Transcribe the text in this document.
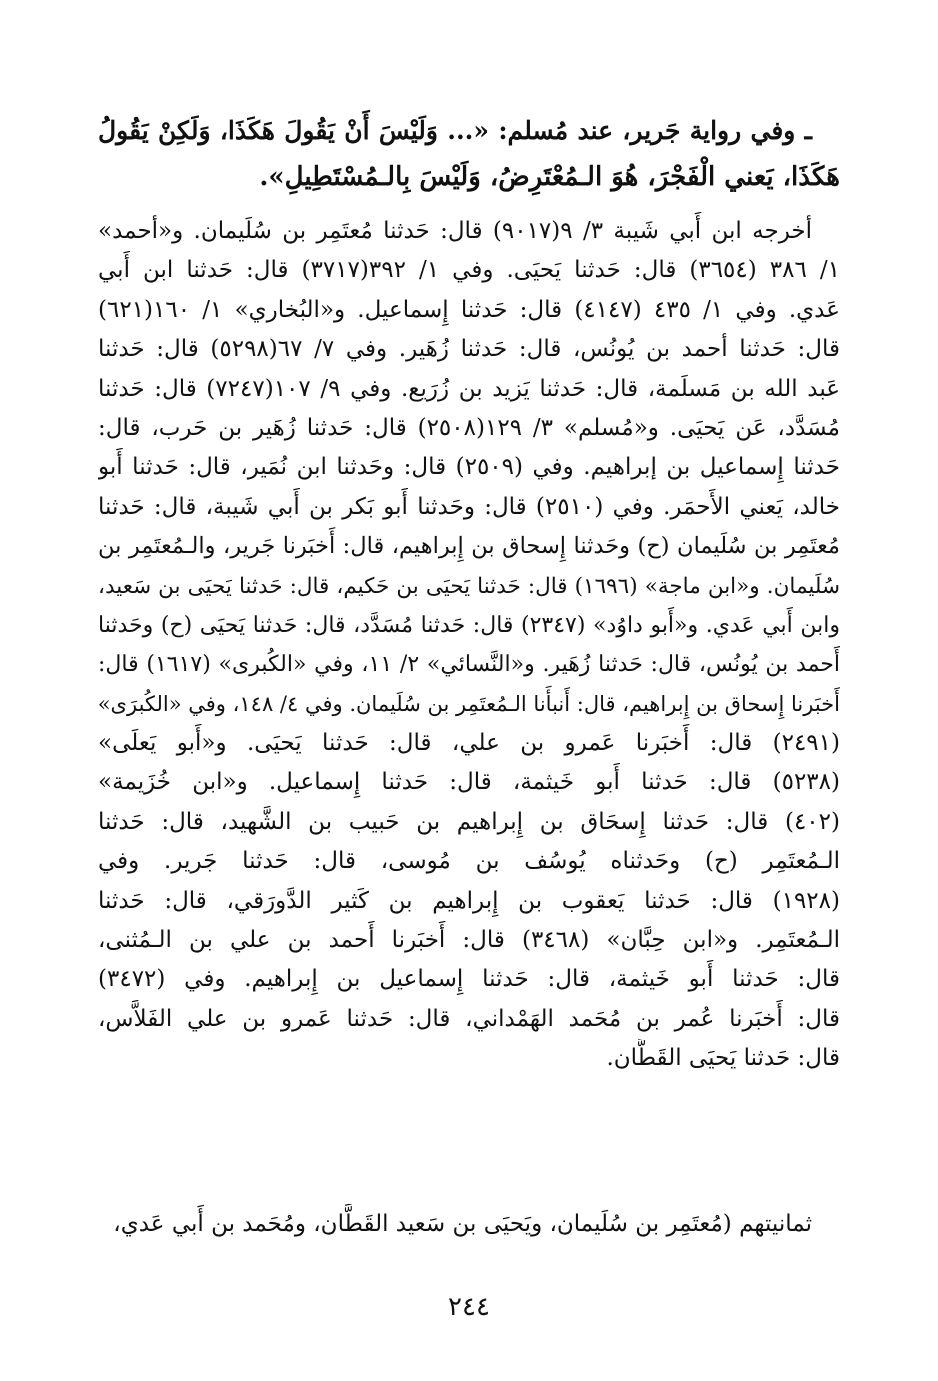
ـ وفي رواية جَرير، عند مُسلم: «... وَلَيْسَ أَنْ يَقُولَ هَكَذَا، وَلَكِنْ يَقُولُ
هَكَذَا، يَعني الْفَجْرَ، هُوَ الـمُعْتَرِضُ، وَلَيْسَ بِالـمُسْتَطِيلِ».
أخرجه ابن أَبي شَيبة ٣/ ٩(٩٠١٧) قال: حَدثنا مُعتَمِر بن سُلَيمان. و«أحمد»
١/ ٣٨٦ (٣٦٥٤) قال: حَدثنا يَحيَى. وفي ١/ ٣٩٢(٣٧١٧) قال: حَدثنا ابن أَبي
عَدي. وفي ١/ ٤٣٥ (٤١٤٧) قال: حَدثنا إِسماعيل. و«البُخاري» ١/ ١٦٠(٦٢١)
قال: حَدثنا أحمد بن يُونُس، قال: حَدثنا زُهَير. وفي ٧/ ٦٧(٥٢٩٨) قال: حَدثنا
عَبد الله بن مَسلَمة، قال: حَدثنا يَزيد بن زُرَيع. وفي ٩/ ١٠٧(٧٢٤٧) قال: حَدثنا
مُسَدَّد، عَن يَحيَى. و«مُسلم» ٣/ ١٢٩(٢٥٠٨) قال: حَدثنا زُهَير بن حَرب، قال:
حَدثنا إِسماعيل بن إبراهيم. وفي (٢٥٠٩) قال: وحَدثنا ابن نُمَير، قال: حَدثنا أَبو
خالد، يَعني الأَحمَر. وفي (٢٥١٠) قال: وحَدثنا أَبو بَكر بن أَبي شَيبة، قال: حَدثنا
مُعتَمِر بن سُلَيمان (ح) وحَدثنا إِسحاق بن إِبراهيم، قال: أَخبَرنا جَرير، والـمُعتَمِر بن
سُلَيمان. و«ابن ماجة» (١٦٩٦) قال: حَدثنا يَحيَى بن حَكيم، قال: حَدثنا يَحيَى بن سَعيد،
وابن أَبي عَدي. و«أَبو داوُد» (٢٣٤٧) قال: حَدثنا مُسَدَّد، قال: حَدثنا يَحيَى (ح) وحَدثنا
أَحمد بن يُونُس، قال: حَدثنا زُهَير. و«النَّسائي» ٢/ ١١، وفي «الكُبرى» (١٦١٧) قال:
أَخبَرنا إِسحاق بن إِبراهيم، قال: أَنبأَنا الـمُعتَمِر بن سُلَيمان. وفي ٤/ ١٤٨، وفي «الكُبرَى»
(٢٤٩١) قال: أَخبَرنا عَمرو بن علي، قال: حَدثنا يَحيَى. و«أَبو يَعلَى»
(٥٢٣٨) قال: حَدثنا أَبو خَيثمة، قال: حَدثنا إِسماعيل. و«ابن خُزَيمة»
(٤٠٢) قال: حَدثنا إِسحَاق بن إِبراهيم بن حَبيب بن الشَّهيد، قال: حَدثنا
الـمُعتَمِر (ح) وحَدثناه يُوسُف بن مُوسى، قال: حَدثنا جَرير. وفي
(١٩٢٨) قال: حَدثنا يَعقوب بن إِبراهيم بن كَثير الدَّورَقي، قال: حَدثنا
الـمُعتَمِر. و«ابن حِبَّان» (٣٤٦٨) قال: أَخبَرنا أَحمد بن علي بن الـمُثنى،
قال: حَدثنا أَبو خَيثمة، قال: حَدثنا إِسماعيل بن إِبراهيم. وفي (٣٤٧٢)
قال: أَخبَرنا عُمر بن مُحَمد الهَمْداني، قال: حَدثنا عَمرو بن علي الفَلاَّس،
قال: حَدثنا يَحيَى القَطَّان.
ثمانيتهم (مُعتَمِر بن سُلَيمان، ويَحيَى بن سَعيد القَطَّان، ومُحَمد بن أَبي عَدي،
٢٤٤
